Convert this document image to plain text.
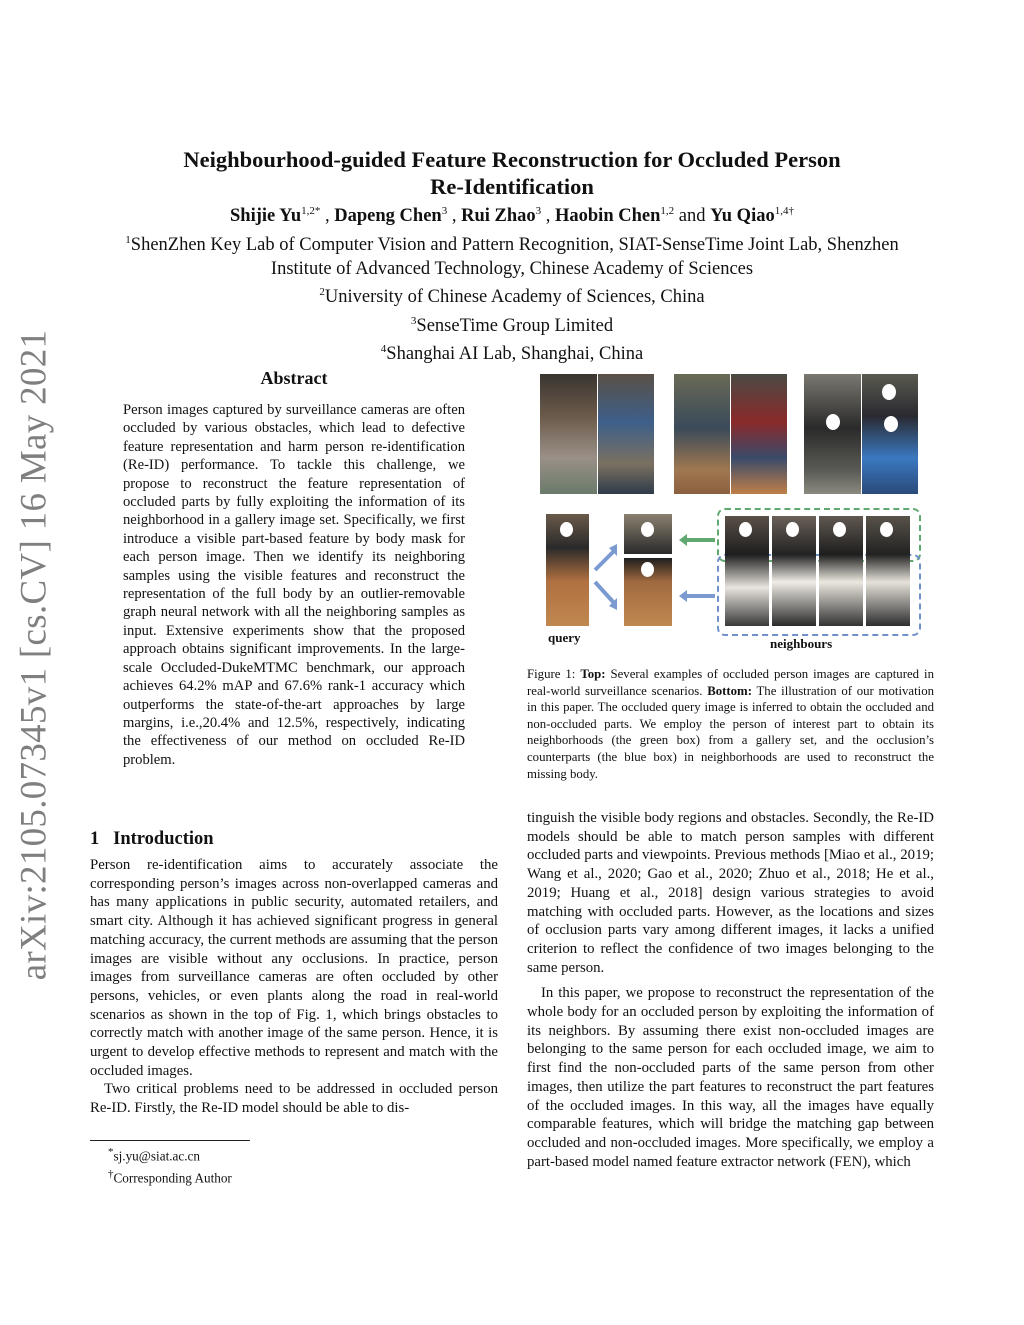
arXiv:2105.07345v1 [cs.CV] 16 May 2021
Neighbourhood-guided Feature Reconstruction for Occluded Person
Re-Identification
Shijie $Yu^{1,2*}$ , Dapeng Chen$^3$ , Rui Zhao$^3$ , Haobin Chen$^{1,2}$ and Yu Qiao$^{1,4\dagger}$
$^1$ShenZhen Key Lab of Computer Vision and Pattern Recognition, SIAT-SenseTime Joint Lab, Shenzhen
Institute of Advanced Technology, Chinese Academy of Sciences
$^2$University of Chinese Academy of Sciences, China
$^3$SenseTime Group Limited
$^4$Shanghai AI Lab, Shanghai, China
Abstract

Person images captured by surveillance cameras are often occluded by various obstacles, which lead to defective feature representation and harm person re-identification (Re-ID) performance. To tackle this challenge, we propose to reconstruct the feature representation of occluded parts by fully exploiting the information of its neighborhood in a gallery image set. Specifically, we first introduce a visible part-based feature by body mask for each person image. Then we identify its neighboring samples using the visible features and reconstruct the representation of the full body by an outlier-removable graph neural network with all the neighboring samples as input. Extensive experiments show that the proposed approach obtains significant improvements. In the large-scale Occluded-DukeMTMC benchmark, our approach achieves 64.2% mAP and 67.6% rank-1 accuracy which outperforms the state-of-the-art approaches by large margins, i.e.,20.4% and 12.5%, respectively, indicating the effectiveness of our method on occluded Re-ID problem.

1 Introduction

Person re-identification aims to accurately associate the corresponding person’s images across non-overlapped cameras and has many applications in public security, automated retailers, and smart city. Although it has achieved significant progress in general matching accuracy, the current methods are assuming that the person images are visible without any occlusions. In practice, person images from surveillance cameras are often occluded by other persons, vehicles, or even plants along the road in real-world scenarios as shown in the top of Fig. 1, which brings obstacles to correctly match with another image of the same person. Hence, it is urgent to develop effective methods to represent and match with the occluded images.

Two critical problems need to be addressed in occluded person Re-ID. Firstly, the Re-ID model should be able to dis-

*sj.yu@siat.ac.cn
†Corresponding Author
query	neighbours
Figure 1: Top: Several examples of occluded person images are captured in real-world surveillance scenarios. Bottom: The illustration of our motivation in this paper. The occluded query image is inferred to obtain the occluded and non-occluded parts. We employ the person of interest part to obtain its neighborhoods (the green box) from a gallery set, and the occlusion’s counterparts (the blue box) in neighborhoods are used to reconstruct the missing body.

tinguish the visible body regions and obstacles. Secondly, the Re-ID models should be able to match person samples with different occluded parts and viewpoints. Previous methods [Miao et al., 2019; Wang et al., 2020; Gao et al., 2020; Zhuo et al., 2018; He et al., 2019; Huang et al., 2018] design various strategies to avoid matching with occluded parts. However, as the locations and sizes of occlusion parts vary among different images, it lacks a unified criterion to reflect the confidence of two images belonging to the same person.

In this paper, we propose to reconstruct the representation of the whole body for an occluded person by exploiting the information of its neighbors. By assuming there exist non-occluded images are belonging to the same person for each occluded image, we aim to first find the non-occluded parts of the same person from other images, then utilize the part features to reconstruct the part features of the occluded images. In this way, all the images have equally comparable features, which will bridge the matching gap between occluded and non-occluded images. More specifically, we employ a part-based model named feature extractor network (FEN), which
